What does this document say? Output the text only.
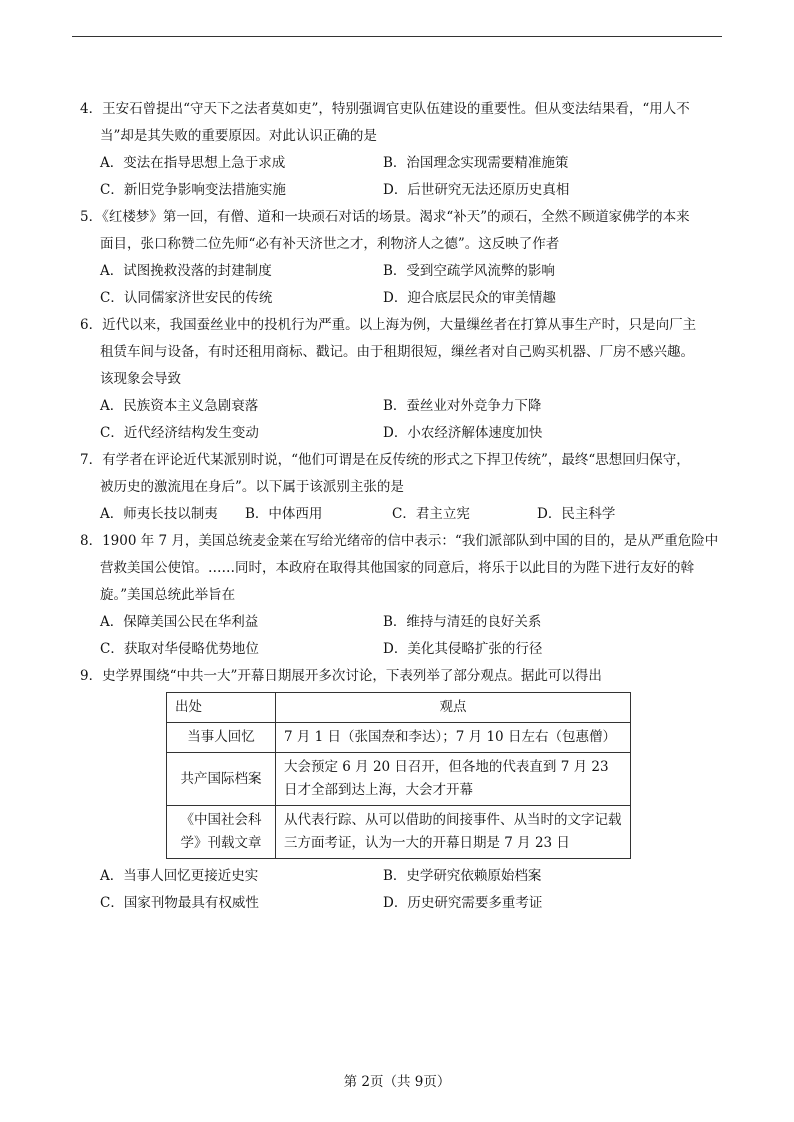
4．王安石曾提出“守天下之法者莫如吏”，特别强调官吏队伍建设的重要性。但从变法结果看，“用人不
当”却是其失败的重要原因。对此认识正确的是
A．变法在指导思想上急于求成	B．治国理念实现需要精准施策
C．新旧党争影响变法措施实施	D．后世研究无法还原历史真相
5．《红楼梦》第一回，有僧、道和一块顽石对话的场景。渴求“补天”的顽石，全然不顾道家佛学的本来
面目，张口称赞二位先师“必有补天济世之才，利物济人之德”。这反映了作者
A．试图挽救没落的封建制度	B．受到空疏学风流弊的影响
C．认同儒家济世安民的传统	D．迎合底层民众的审美情趣
6．近代以来，我国蚕丝业中的投机行为严重。以上海为例，大量缫丝者在打算从事生产时，只是向厂主
租赁车间与设备，有时还租用商标、戳记。由于租期很短，缫丝者对自己购买机器、厂房不感兴趣。
该现象会导致
A．民族资本主义急剧衰落	B．蚕丝业对外竞争力下降
C．近代经济结构发生变动	D．小农经济解体速度加快
7．有学者在评论近代某派别时说，“他们可谓是在反传统的形式之下捍卫传统”，最终“思想回归保守，
被历史的激流甩在身后”。以下属于该派别主张的是
A．师夷长技以制夷	B．中体西用	C．君主立宪	D．民主科学
8．1900 年 7 月，美国总统麦金莱在写给光绪帝的信中表示：“我们派部队到中国的目的，是从严重危险中
营救美国公使馆。……同时，本政府在取得其他国家的同意后，将乐于以此目的为陛下进行友好的斡
旋。”美国总统此举旨在
A．保障美国公民在华利益	B．维持与清廷的良好关系
C．获取对华侵略优势地位	D．美化其侵略扩张的行径
9．史学界围绕“中共一大”开幕日期展开多次讨论，下表列举了部分观点。据此可以得出
出处	观点
当事人回忆	7 月 1 日（张国焘和李达）；7 月 10 日左右（包惠僧）
共产国际档案	大会预定 6 月 20 日召开，但各地的代表直到 7 月 23 日才全部到达上海，大会才开幕
《中国社会科学》刊载文章	从代表行踪、从可以借助的间接事件、从当时的文字记载三方面考证，认为一大的开幕日期是 7 月 23 日
A．当事人回忆更接近史实	B．史学研究依赖原始档案
C．国家刊物最具有权威性	D．历史研究需要多重考证
第 2页（共 9页）
